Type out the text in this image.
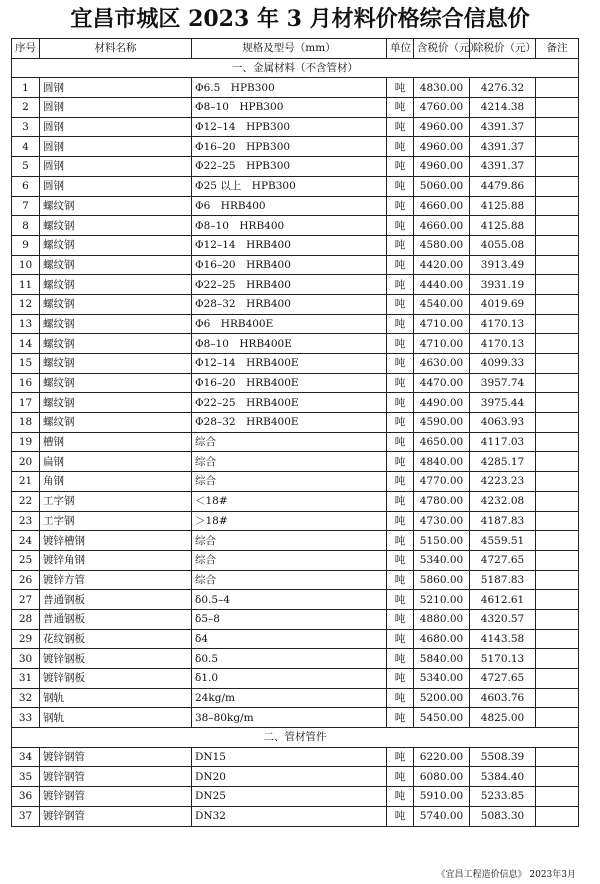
宜昌市城区 2023 年 3 月材料价格综合信息价
序号	材料名称	规格及型号（mm）	单位	含税价（元）	除税价（元）	备注
一、金属材料（不含管材）						
1	圆钢	Φ6.5　HPB300	吨	4830.00	4276.32	
2	圆钢	Φ8–10　HPB300	吨	4760.00	4214.38	
3	圆钢	Φ12–14　HPB300	吨	4960.00	4391.37	
4	圆钢	Φ16–20　HPB300	吨	4960.00	4391.37	
5	圆钢	Φ22–25　HPB300	吨	4960.00	4391.37	
6	圆钢	Φ25 以上　HPB300	吨	5060.00	4479.86	
7	螺纹钢	Φ6　HRB400	吨	4660.00	4125.88	
8	螺纹钢	Φ8–10　HRB400	吨	4660.00	4125.88	
9	螺纹钢	Φ12–14　HRB400	吨	4580.00	4055.08	
10	螺纹钢	Φ16–20　HRB400	吨	4420.00	3913.49	
11	螺纹钢	Φ22–25　HRB400	吨	4440.00	3931.19	
12	螺纹钢	Φ28–32　HRB400	吨	4540.00	4019.69	
13	螺纹钢	Φ6　HRB400E	吨	4710.00	4170.13	
14	螺纹钢	Φ8–10　HRB400E	吨	4710.00	4170.13	
15	螺纹钢	Φ12–14　HRB400E	吨	4630.00	4099.33	
16	螺纹钢	Φ16–20　HRB400E	吨	4470.00	3957.74	
17	螺纹钢	Φ22–25　HRB400E	吨	4490.00	3975.44	
18	螺纹钢	Φ28–32　HRB400E	吨	4590.00	4063.93	
19	槽钢	综合	吨	4650.00	4117.03	
20	扁钢	综合	吨	4840.00	4285.17	
21	角钢	综合	吨	4770.00	4223.23	
22	工字钢	＜18#	吨	4780.00	4232.08	
23	工字钢	＞18#	吨	4730.00	4187.83	
24	镀锌槽钢	综合	吨	5150.00	4559.51	
25	镀锌角钢	综合	吨	5340.00	4727.65	
26	镀锌方管	综合	吨	5860.00	5187.83	
27	普通钢板	δ0.5–4	吨	5210.00	4612.61	
28	普通钢板	δ5–8	吨	4880.00	4320.57	
29	花纹钢板	δ4	吨	4680.00	4143.58	
30	镀锌钢板	δ0.5	吨	5840.00	5170.13	
31	镀锌钢板	δ1.0	吨	5340.00	4727.65	
32	钢轨	24kg/m	吨	5200.00	4603.76	
33	钢轨	38–80kg/m	吨	5450.00	4825.00	
二、管材管件						
34	镀锌钢管	DN15	吨	6220.00	5508.39	
35	镀锌钢管	DN20	吨	6080.00	5384.40	
36	镀锌钢管	DN25	吨	5910.00	5233.85	
37	镀锌钢管	DN32	吨	5740.00	5083.30	
《宜昌工程造价信息》 2023年3月
